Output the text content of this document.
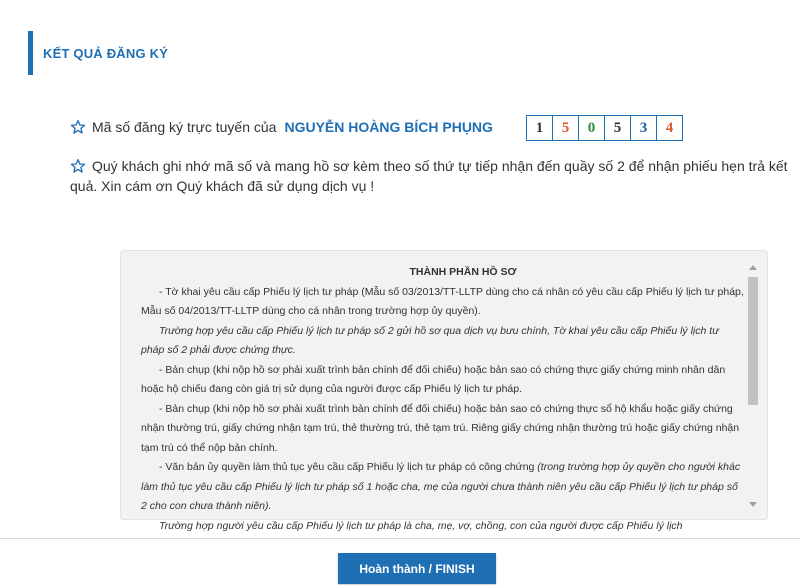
KẾT QUẢ ĐĂNG KÝ
Mã số đăng ký trực tuyến của NGUYỄN HOÀNG BÍCH PHỤNG	1	5	0	5	3	4
Quý khách ghi nhớ mã số và mang hồ sơ kèm theo số thứ tự tiếp nhận đến quầy số 2 để nhận phiếu hẹn trả kết quả. Xin cám ơn Quý khách đã sử dụng dịch vụ !
THÀNH PHẦN HỒ SƠ

- Tờ khai yêu cầu cấp Phiếu lý lịch tư pháp (Mẫu số 03/2013/TT-LLTP dùng cho cá nhân có yêu cầu cấp Phiếu lý lịch tư pháp, Mẫu số 04/2013/TT-LLTP dùng cho cá nhân trong trường hợp ủy quyền).

Trường hợp yêu cầu cấp Phiếu lý lịch tư pháp số 2 gửi hồ sơ qua dịch vụ bưu chính, Tờ khai yêu cầu cấp Phiếu lý lịch tư pháp số 2 phải được chứng thực.

- Bản chụp (khi nộp hồ sơ phải xuất trình bản chính để đối chiếu) hoặc bản sao có chứng thực giấy chứng minh nhân dân hoặc hộ chiếu đang còn giá trị sử dụng của người được cấp Phiếu lý lịch tư pháp.

- Bản chụp (khi nộp hồ sơ phải xuất trình bản chính để đối chiếu) hoặc bản sao có chứng thực sổ hộ khẩu hoặc giấy chứng nhận thường trú, giấy chứng nhận tạm trú, thẻ thường trú, thẻ tạm trú. Riêng giấy chứng nhận thường trú hoặc giấy chứng nhận tạm trú có thể nộp bản chính.

- Văn bản ủy quyền làm thủ tục yêu cầu cấp Phiếu lý lịch tư pháp có công chứng (trong trường hợp ủy quyền cho người khác làm thủ tục yêu cầu cấp Phiếu lý lịch tư pháp số 1 hoặc cha, mẹ của người chưa thành niên yêu cầu cấp Phiếu lý lịch tư pháp số 2 cho con chưa thành niên).

Trường hợp người yêu cầu cấp Phiếu lý lịch tư pháp là cha, mẹ, vợ, chồng, con của người được cấp Phiếu lý lịch

Hoàn thành / FINISH
